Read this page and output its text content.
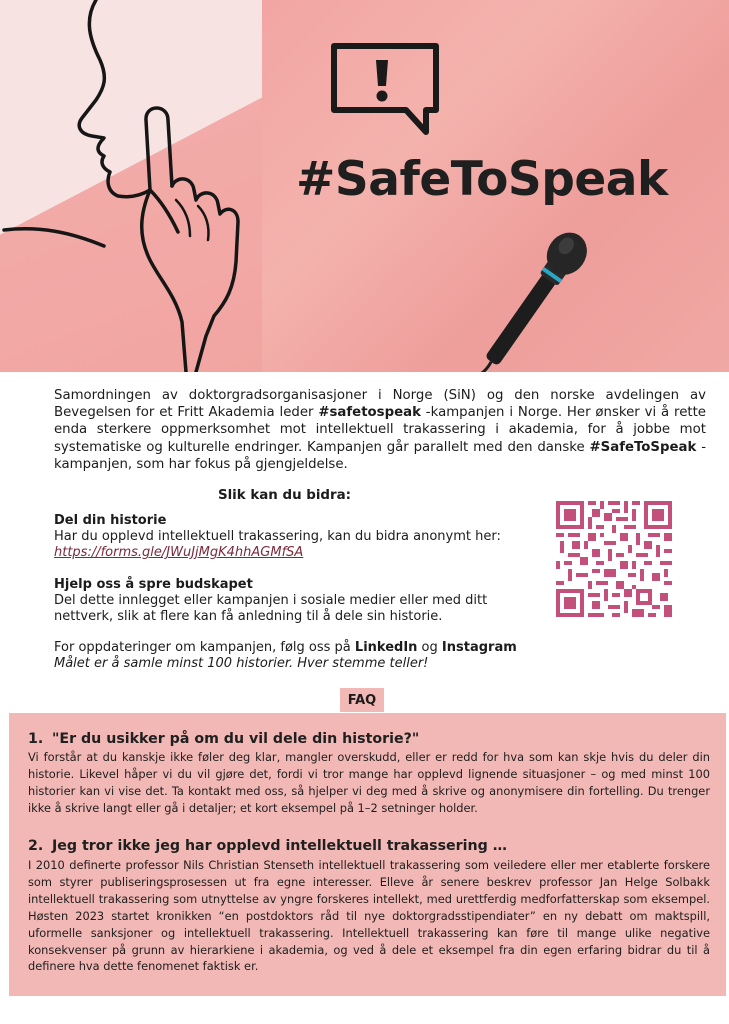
#SafeToSpeak
Samordningen av doktorgradsorganisasjoner i Norge (SiN) og den norske avdelingen av Bevegelsen for et Fritt Akademia leder #safetospeak -kampanjen i Norge. Her ønsker vi å rette enda sterkere oppmerksomhet mot intellektuell trakassering i akademia, for å jobbe mot systematiske og kulturelle endringer. Kampanjen går parallelt med den danske #SafeToSpeak -kampanjen, som har fokus på gjengjeldelse.
Slik kan du bidra:
Del din historie
Har du opplevd intellektuell trakassering, kan du bidra anonymt her:
https://forms.gle/JWuJjMgK4hhAGMfSA
Hjelp oss å spre budskapet
Del dette innlegget eller kampanjen i sosiale medier eller med ditt nettverk, slik at flere kan få anledning til å dele sin historie.
For oppdateringer om kampanjen, følg oss på LinkedIn og Instagram
Målet er å samle minst 100 historier. Hver stemme teller!
FAQ
1. "Er du usikker på om du vil dele din historie?"
Vi forstår at du kanskje ikke føler deg klar, mangler overskudd, eller er redd for hva som kan skje hvis du deler din historie. Likevel håper vi du vil gjøre det, fordi vi tror mange har opplevd lignende situasjoner – og med minst 100 historier kan vi vise det. Ta kontakt med oss, så hjelper vi deg med å skrive og anonymisere din fortelling. Du trenger ikke å skrive langt eller gå i detaljer; et kort eksempel på 1–2 setninger holder.
2. Jeg tror ikke jeg har opplevd intellektuell trakassering …
I 2010 definerte professor Nils Christian Stenseth intellektuell trakassering som veiledere eller mer etablerte forskere som styrer publiseringsprosessen ut fra egne interesser. Elleve år senere beskrev professor Jan Helge Solbakk intellektuell trakassering som utnyttelse av yngre forskeres intellekt, med urettferdig medforfatterskap som eksempel. Høsten 2023 startet kronikken “en postdoktors råd til nye doktorgradsstipendiater” en ny debatt om maktspill, uformelle sanksjoner og intellektuell trakassering. Intellektuell trakassering kan føre til mange ulike negative konsekvenser på grunn av hierarkiene i akademia, og ved å dele et eksempel fra din egen erfaring bidrar du til å definere hva dette fenomenet faktisk er.
